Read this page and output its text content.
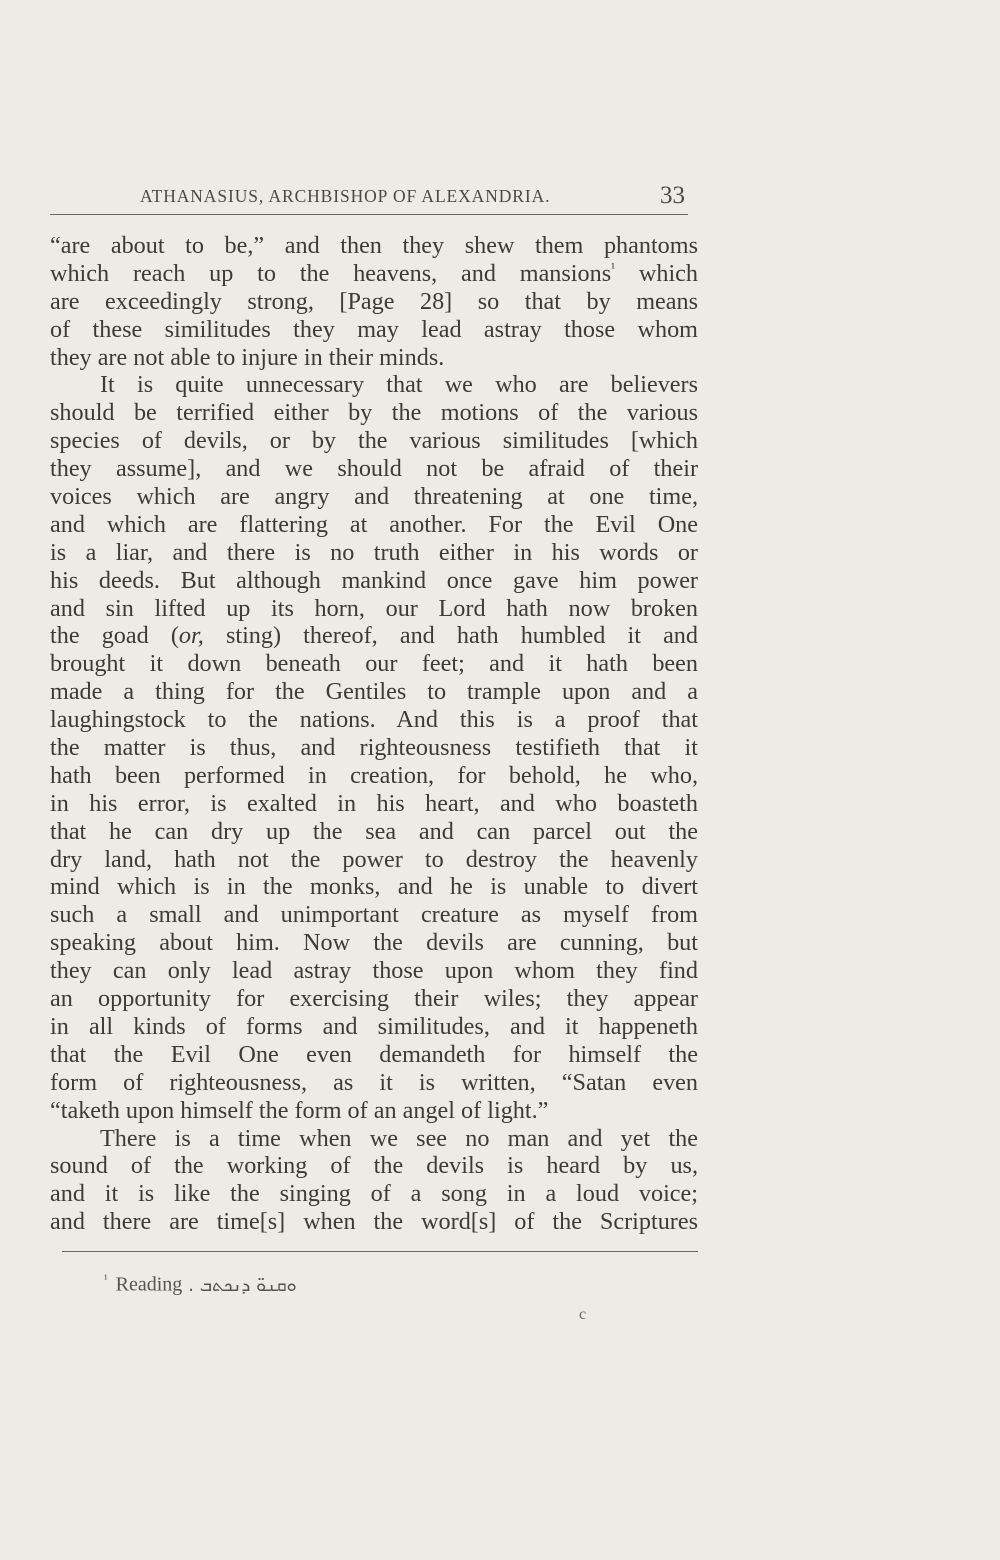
ATHANASIUS, ARCHBISHOP OF ALEXANDRIA.	33
“are about to be,” and then they shew them phantoms
which reach up to the heavens, and mansions$^{^1}$ which
are exceedingly strong, [Page 28] so that by means
of these similitudes they may lead astray those whom
they are not able to injure in their minds.
It is quite unnecessary that we who are believers
should be terrified either by the motions of the various
species of devils, or by the various similitudes [which
they assume], and we should not be afraid of their
voices which are angry and threatening at one time,
and which are flattering at another. For the Evil One
is a liar, and there is no truth either in his words or
his deeds. But although mankind once gave him power
and sin lifted up its horn, our Lord hath now broken
the goad (or, sting) thereof, and hath humbled it and
brought it down beneath our feet; and it hath been
made a thing for the Gentiles to trample upon and a
laughingstock to the nations. And this is a proof that
the matter is thus, and righteousness testifieth that it
hath been performed in creation, for behold, he who,
in his error, is exalted in his heart, and who boasteth
that he can dry up the sea and can parcel out the
dry land, hath not the power to destroy the heavenly
mind which is in the monks, and he is unable to divert
such a small and unimportant creature as myself from
speaking about him. Now the devils are cunning, but
they can only lead astray those upon whom they find
an opportunity for exercising their wiles; they appear
in all kinds of forms and similitudes, and it happeneth
that the Evil One even demandeth for himself the
form of righteousness, as it is written, “Satan even
“taketh upon himself the form of an angel of light.”
There is a time when we see no man and yet the
sound of the working of the devils is heard by us,
and it is like the singing of a song in a loud voice;
and there are time[s] when the word[s] of the Scriptures
$^{^1}$ Reading ܘܩܢܘ̈ ܕܢܟܬܒ .
c
